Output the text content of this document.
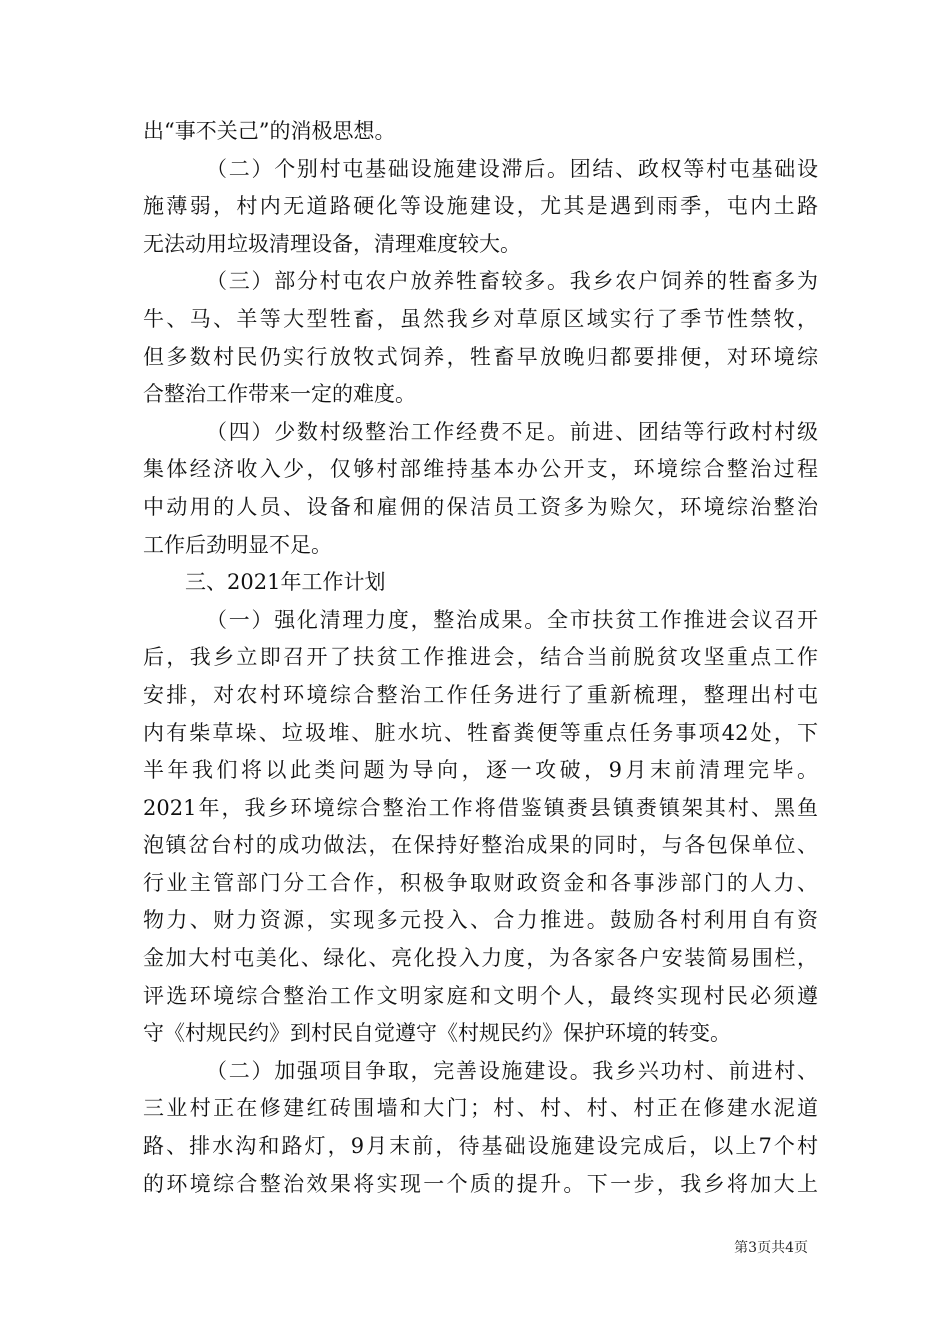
出“事不关己”的消极思想。
（二）个别村屯基础设施建设滞后。团结、政权等村屯基础设
施薄弱，村内无道路硬化等设施建设，尤其是遇到雨季，屯内土路
无法动用垃圾清理设备，清理难度较大。
（三）部分村屯农户放养牲畜较多。我乡农户饲养的牲畜多为
牛、马、羊等大型牲畜，虽然我乡对草原区域实行了季节性禁牧，
但多数村民仍实行放牧式饲养，牲畜早放晚归都要排便，对环境综
合整治工作带来一定的难度。
（四）少数村级整治工作经费不足。前进、团结等行政村村级
集体经济收入少，仅够村部维持基本办公开支，环境综合整治过程
中动用的人员、设备和雇佣的保洁员工资多为赊欠，环境综治整治
工作后劲明显不足。
三、2021年工作计划
（一）强化清理力度，整治成果。全市扶贫工作推进会议召开
后，我乡立即召开了扶贫工作推进会，结合当前脱贫攻坚重点工作
安排，对农村环境综合整治工作任务进行了重新梳理，整理出村屯
内有柴草垛、垃圾堆、脏水坑、牲畜粪便等重点任务事项42处，下
半年我们将以此类问题为导向，逐一攻破，9月末前清理完毕。
2021年，我乡环境综合整治工作将借鉴镇赉县镇赉镇架其村、黑鱼
泡镇岔台村的成功做法，在保持好整治成果的同时，与各包保单位、
行业主管部门分工合作，积极争取财政资金和各事涉部门的人力、
物力、财力资源，实现多元投入、合力推进。鼓励各村利用自有资
金加大村屯美化、绿化、亮化投入力度，为各家各户安装简易围栏，
评选环境综合整治工作文明家庭和文明个人，最终实现村民必须遵
守《村规民约》到村民自觉遵守《村规民约》保护环境的转变。
（二）加强项目争取，完善设施建设。我乡兴功村、前进村、
三业村正在修建红砖围墙和大门；村、村、村、村正在修建水泥道
路、排水沟和路灯，9月末前，待基础设施建设完成后，以上7个村
的环境综合整治效果将实现一个质的提升。下一步，我乡将加大上
第3页共4页
